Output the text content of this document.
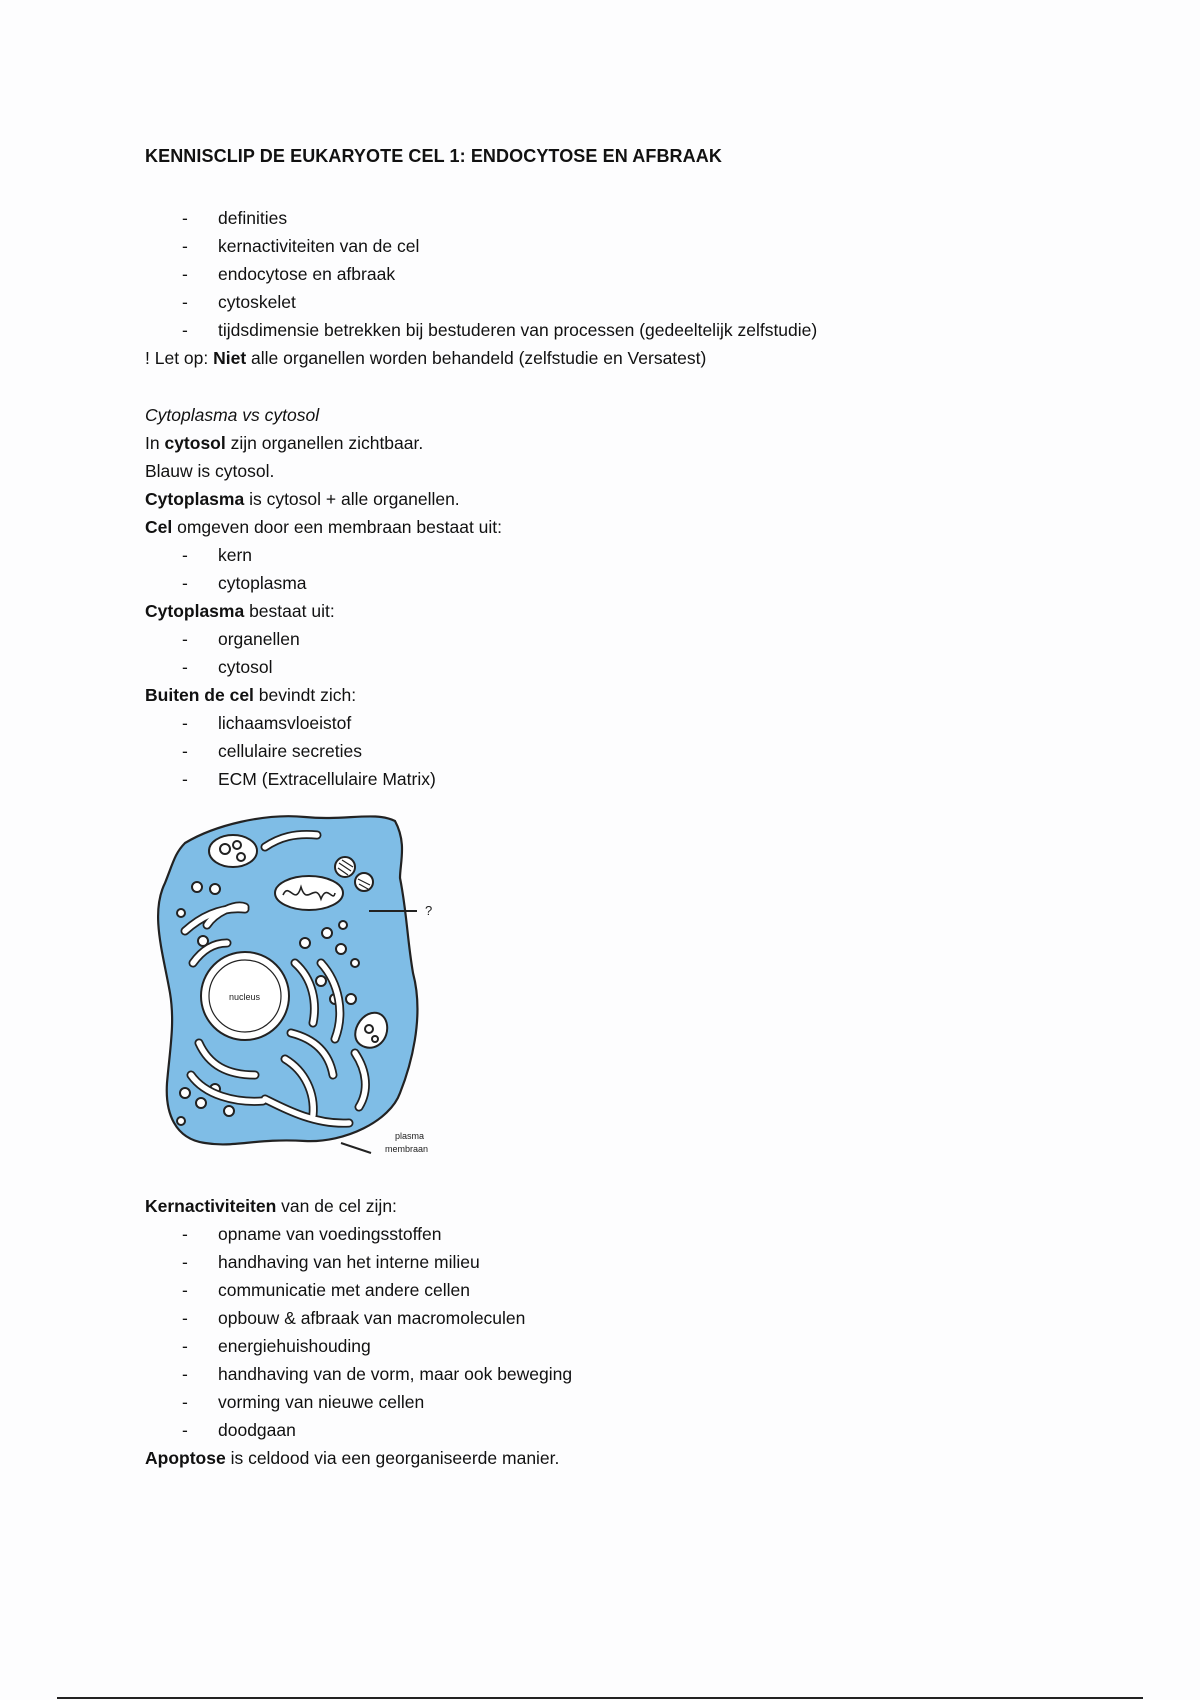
KENNISCLIP DE EUKARYOTE CEL 1: ENDOCYTOSE EN AFBRAAK
- definities
- kernactiviteiten van de cel
- endocytose en afbraak
- cytoskelet
- tijdsdimensie betrekken bij bestuderen van processen (gedeeltelijk zelfstudie)
! Let op: Niet alle organellen worden behandeld (zelfstudie en Versatest)
Cytoplasma vs cytosol
In cytosol zijn organellen zichtbaar.
Blauw is cytosol.
Cytoplasma is cytosol + alle organellen.
Cel omgeven door een membraan bestaat uit:
- kern
- cytoplasma
Cytoplasma bestaat uit:
- organellen
- cytosol
Buiten de cel bevindt zich:
- lichaamsvloeistof
- cellulaire secreties
- ECM (Extracellulaire Matrix)
nucleus
?
plasma
membraan
Kernactiviteiten van de cel zijn:
- opname van voedingsstoffen
- handhaving van het interne milieu
- communicatie met andere cellen
- opbouw & afbraak van macromoleculen
- energiehuishouding
- handhaving van de vorm, maar ook beweging
- vorming van nieuwe cellen
- doodgaan
Apoptose is celdood via een georganiseerde manier.
